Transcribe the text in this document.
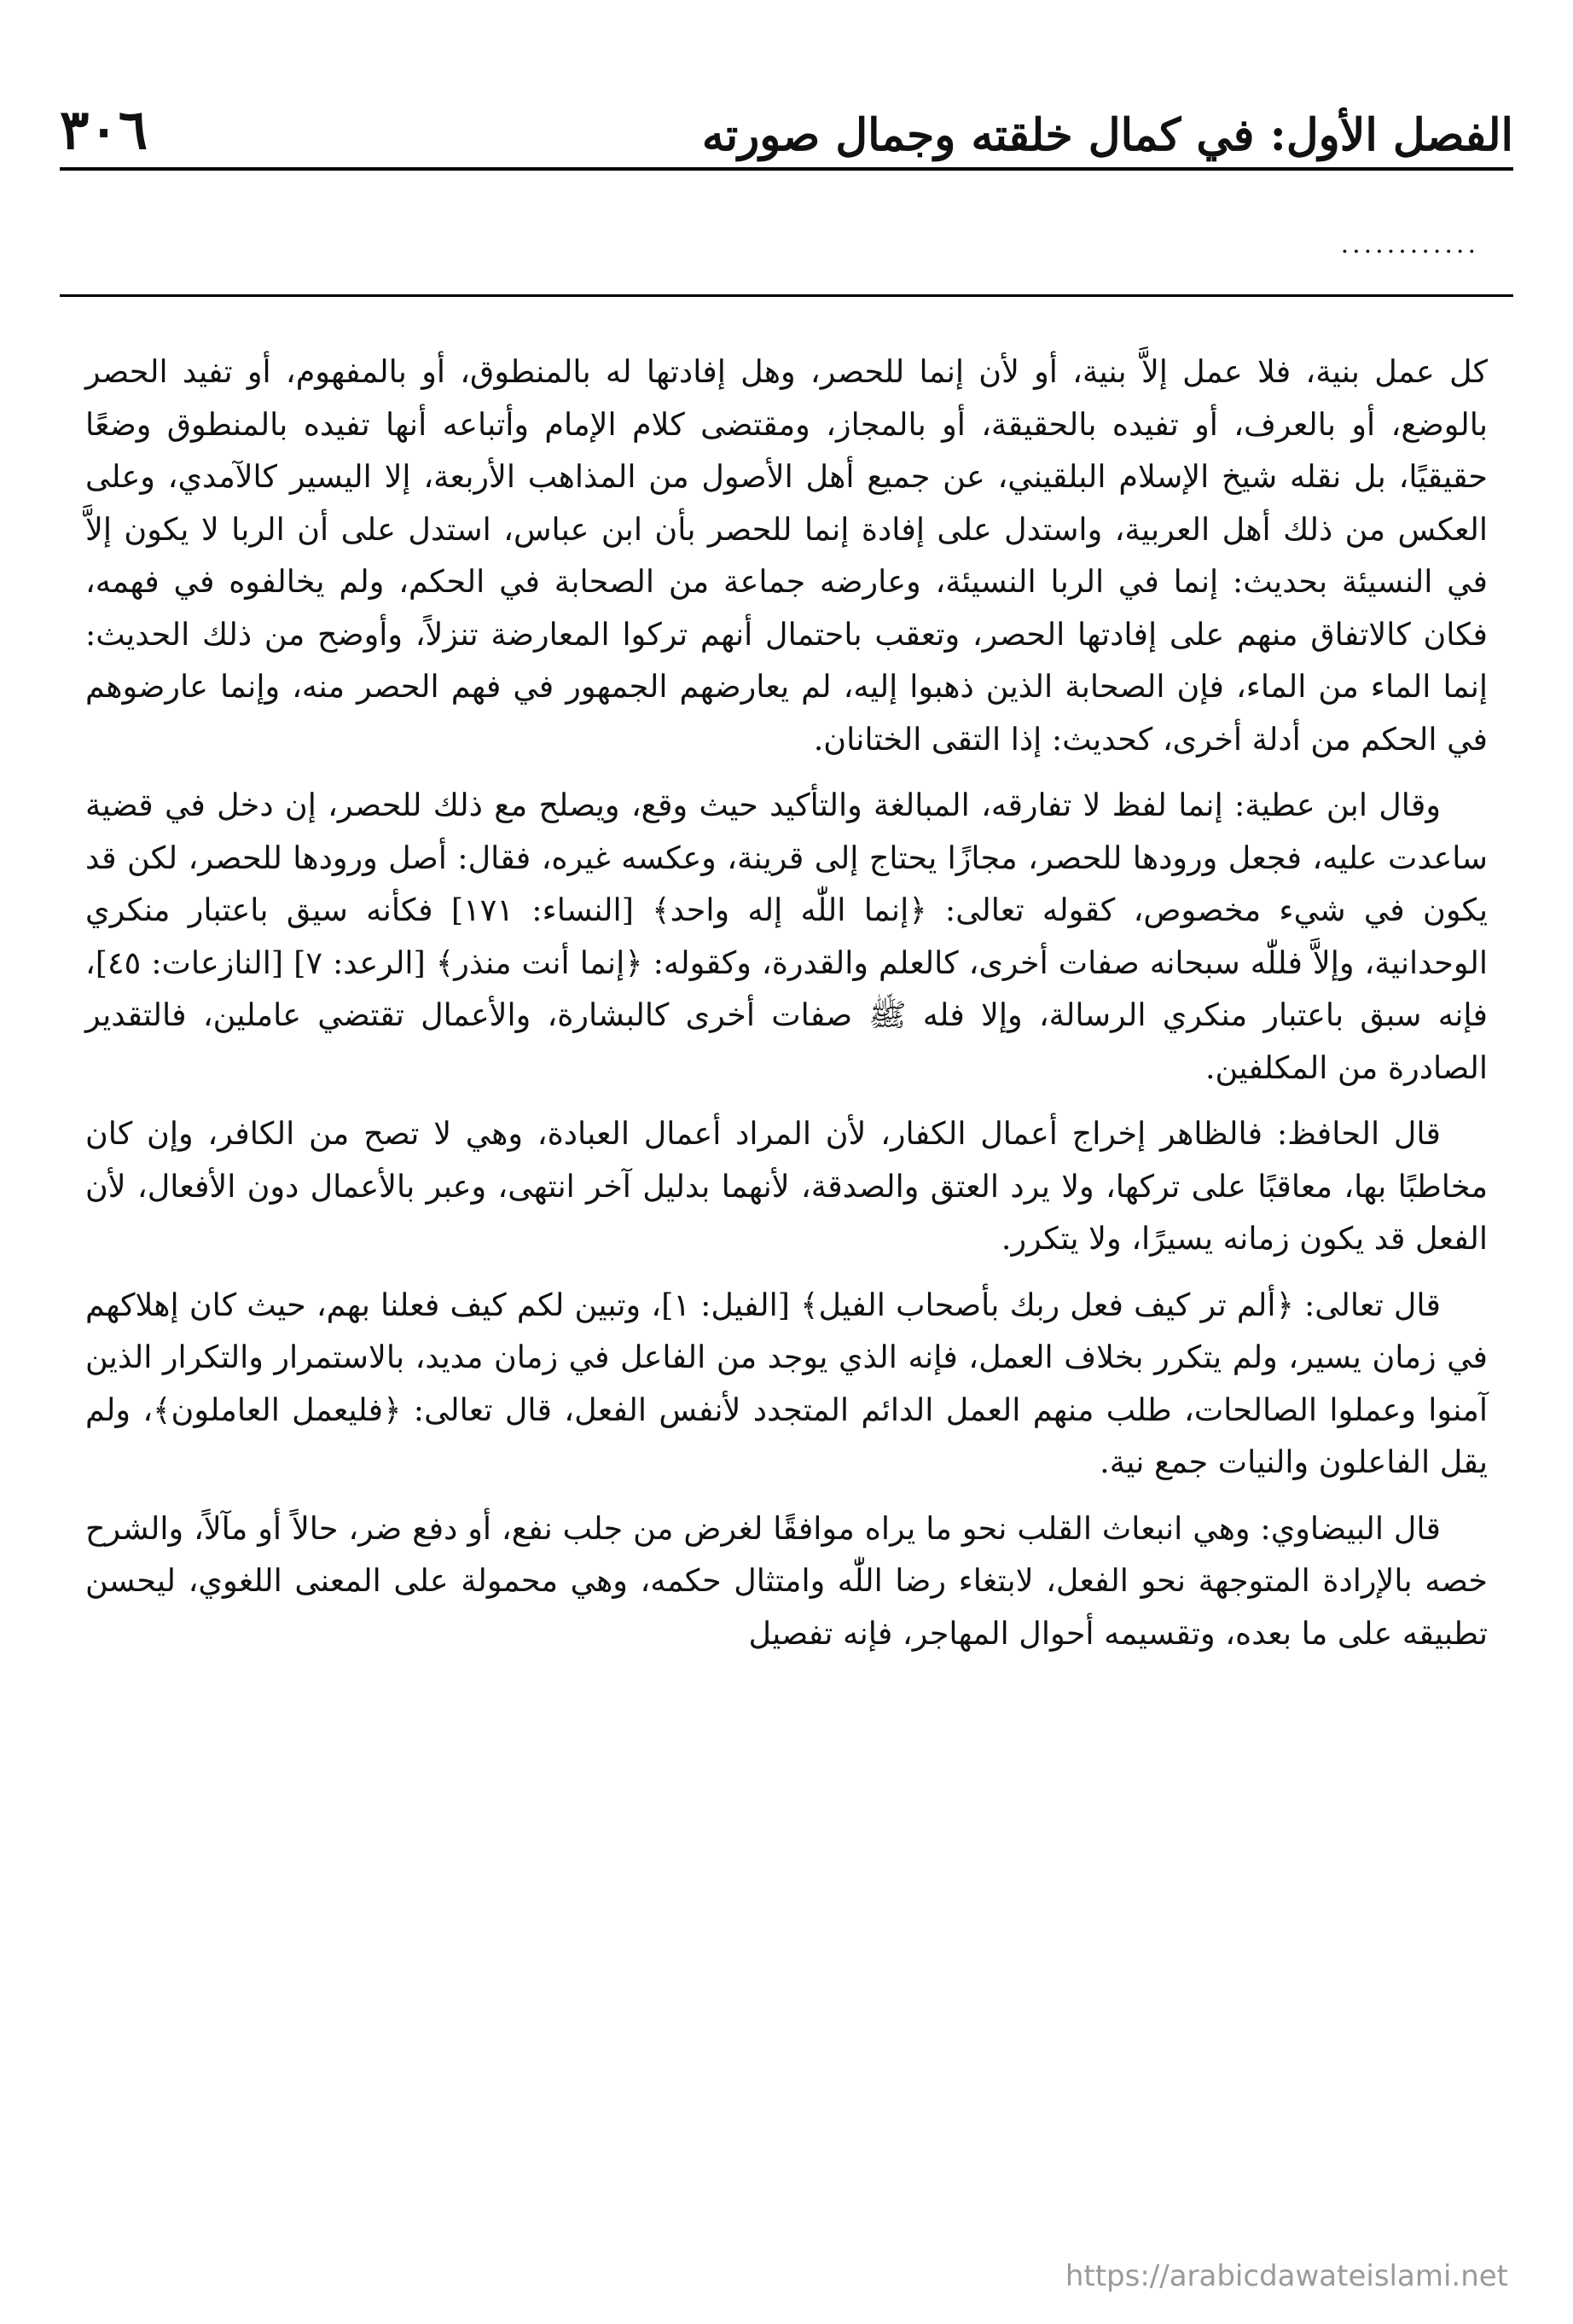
الفصل الأول: في كمال خلقته وجمال صورته
٣٠٦
............

كل عمل بنية، فلا عمل إلاَّ بنية، أو لأن إنما للحصر، وهل إفادتها له بالمنطوق، أو بالمفهوم، أو تفيد الحصر بالوضع، أو بالعرف، أو تفيده بالحقيقة، أو بالمجاز، ومقتضى كلام الإمام وأتباعه أنها تفيده بالمنطوق وضعًا حقيقيًا، بل نقله شيخ الإسلام البلقيني، عن جميع أهل الأصول من المذاهب الأربعة، إلا اليسير كالآمدي، وعلى العكس من ذلك أهل العربية، واستدل على إفادة إنما للحصر بأن ابن عباس، استدل على أن الربا لا يكون إلاَّ في النسيئة بحديث: إنما في الربا النسيئة، وعارضه جماعة من الصحابة في الحكم، ولم يخالفوه في فهمه، فكان كالاتفاق منهم على إفادتها الحصر، وتعقب باحتمال أنهم تركوا المعارضة تنزلاً، وأوضح من ذلك الحديث: إنما الماء من الماء، فإن الصحابة الذين ذهبوا إليه، لم يعارضهم الجمهور في فهم الحصر منه، وإنما عارضوهم في الحكم من أدلة أخرى، كحديث: إذا التقى الختانان.

وقال ابن عطية: إنما لفظ لا تفارقه، المبالغة والتأكيد حيث وقع، ويصلح مع ذلك للحصر، إن دخل في قضية ساعدت عليه، فجعل ورودها للحصر، مجازًا يحتاج إلى قرينة، وعكسه غيره، فقال: أصل ورودها للحصر، لكن قد يكون في شيء مخصوص، كقوله تعالى: ﴿إنما اللّٰه إله واحد﴾ [النساء: ١٧١] فكأنه سيق باعتبار منكري الوحدانية، وإلاَّ فللّٰه سبحانه صفات أخرى، كالعلم والقدرة، وكقوله: ﴿إنما أنت منذر﴾ [الرعد: ٧] [النازعات: ٤٥]، فإنه سبق باعتبار منكري الرسالة، وإلا فله ﷺ صفات أخرى كالبشارة، والأعمال تقتضي عاملين، فالتقدير الصادرة من المكلفين.

قال الحافظ: فالظاهر إخراج أعمال الكفار، لأن المراد أعمال العبادة، وهي لا تصح من الكافر، وإن كان مخاطبًا بها، معاقبًا على تركها، ولا يرد العتق والصدقة، لأنهما بدليل آخر انتهى، وعبر بالأعمال دون الأفعال، لأن الفعل قد يكون زمانه يسيرًا، ولا يتكرر.

قال تعالى: ﴿ألم تر كيف فعل ربك بأصحاب الفيل﴾ [الفيل: ١]، وتبين لكم كيف فعلنا بهم، حيث كان إهلاكهم في زمان يسير، ولم يتكرر بخلاف العمل، فإنه الذي يوجد من الفاعل في زمان مديد، بالاستمرار والتكرار الذين آمنوا وعملوا الصالحات، طلب منهم العمل الدائم المتجدد لأنفس الفعل، قال تعالى: ﴿فليعمل العاملون﴾، ولم يقل الفاعلون والنيات جمع نية.

قال البيضاوي: وهي انبعاث القلب نحو ما يراه موافقًا لغرض من جلب نفع، أو دفع ضر، حالاً أو مآلاً، والشرح خصه بالإرادة المتوجهة نحو الفعل، لابتغاء رضا اللّٰه وامتثال حكمه، وهي محمولة على المعنى اللغوي، ليحسن تطبيقه على ما بعده، وتقسيمه أحوال المهاجر، فإنه تفصيل

https://arabicdawateislami.net
